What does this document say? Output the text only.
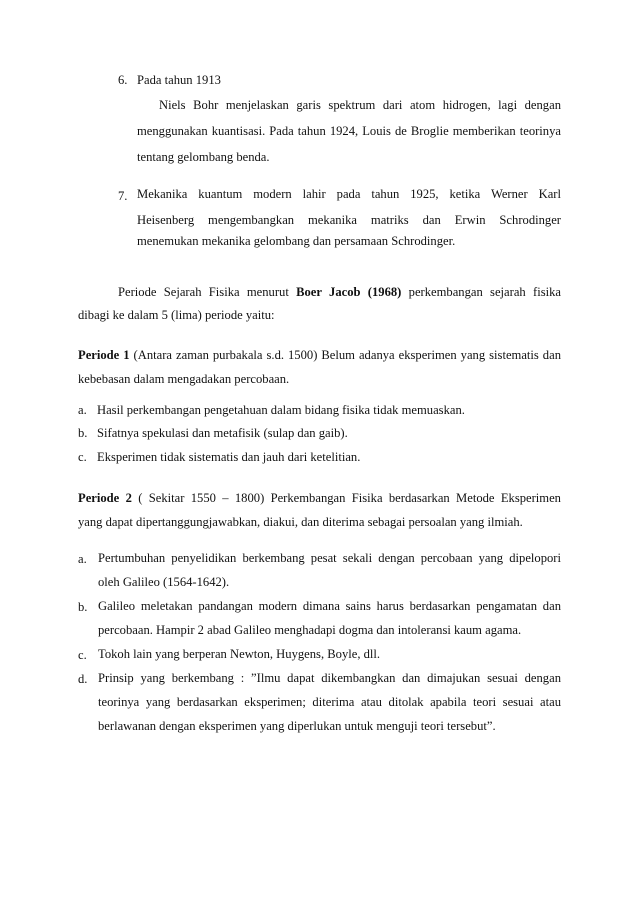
6. Pada tahun 1913
Niels Bohr menjelaskan garis spektrum dari atom hidrogen, lagi dengan
menggunakan kuantisasi. Pada tahun 1924, Louis de Broglie memberikan teorinya
tentang gelombang benda.
7. Mekanika kuantum modern lahir pada tahun 1925, ketika Werner Karl
Heisenberg mengembangkan mekanika matriks dan Erwin Schrodinger
menemukan mekanika gelombang dan persamaan Schrodinger.
Periode Sejarah Fisika menurut Boer Jacob (1968) perkembangan sejarah fisika
dibagi ke dalam 5 (lima) periode yaitu:
Periode 1 (Antara zaman purbakala s.d. 1500) Belum adanya eksperimen yang sistematis dan
kebebasan dalam mengadakan percobaan.
a. Hasil perkembangan pengetahuan dalam bidang fisika tidak memuaskan.
b. Sifatnya spekulasi dan metafisik (sulap dan gaib).
c. Eksperimen tidak sistematis dan jauh dari ketelitian.
Periode 2 ( Sekitar 1550 – 1800) Perkembangan Fisika berdasarkan Metode Eksperimen
yang dapat dipertanggungjawabkan, diakui, dan diterima sebagai persoalan yang ilmiah.
a. Pertumbuhan penyelidikan berkembang pesat sekali dengan percobaan yang dipelopori
oleh Galileo (1564-1642).
b. Galileo meletakan pandangan modern dimana sains harus berdasarkan pengamatan dan
percobaan. Hampir 2 abad Galileo menghadapi dogma dan intoleransi kaum agama.
c. Tokoh lain yang berperan Newton, Huygens, Boyle, dll.
d. Prinsip yang berkembang : ”Ilmu dapat dikembangkan dan dimajukan sesuai dengan
teorinya yang berdasarkan eksperimen; diterima atau ditolak apabila teori sesuai atau
berlawanan dengan eksperimen yang diperlukan untuk menguji teori tersebut”.
